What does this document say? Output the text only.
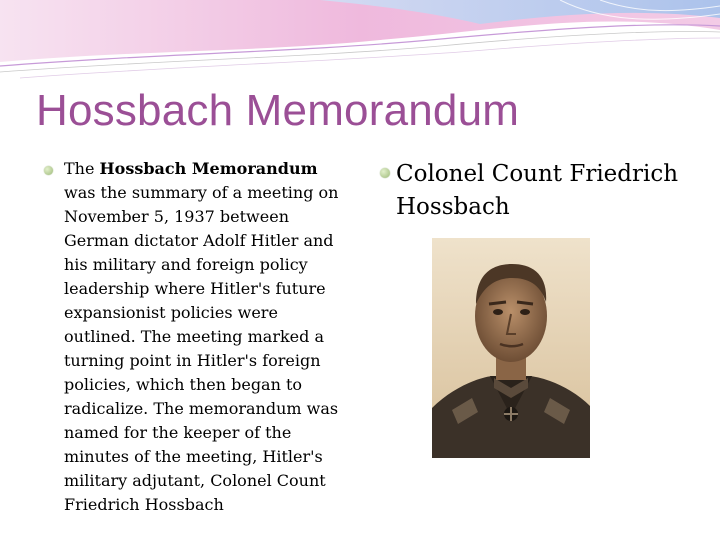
Hossbach Memorandum
The Hossbach Memorandum was the summary of a meeting on November 5, 1937 between German dictator Adolf Hitler and his military and foreign policy leadership where Hitler's future expansionist policies were outlined. The meeting marked a turning point in Hitler's foreign policies, which then began to radicalize. The memorandum was named for the keeper of the minutes of the meeting, Hitler's military adjutant, Colonel Count Friedrich Hossbach
Colonel Count Friedrich Hossbach
